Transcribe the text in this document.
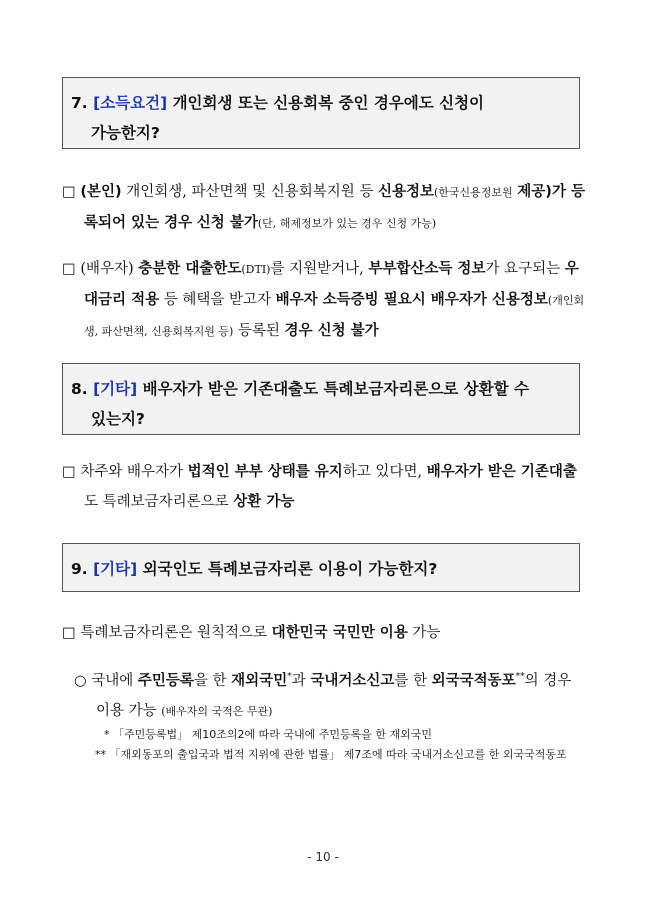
7. [소득요건] 개인회생 또는 신용회복 중인 경우에도 신청이
가능한지?
□ (본인) 개인회생, 파산면책 및 신용회복지원 등 신용정보(한국신용정보원 제공)가 등록되어 있는 경우 신청 불가(단, 해제정보가 있는 경우 신청 가능)
□ (배우자) 충분한 대출한도(DTI)를 지원받거나, 부부합산소득 정보가 요구되는 우대금리 적용 등 혜택을 받고자 배우자 소득증빙 필요시 배우자가 신용정보(개인회생, 파산면책, 신용회복지원 등) 등록된 경우 신청 불가
8. [기타] 배우자가 받은 기존대출도 특례보금자리론으로 상환할 수
있는지?
□ 차주와 배우자가 법적인 부부 상태를 유지하고 있다면, 배우자가 받은 기존대출도 특례보금자리론으로 상환 가능
9. [기타] 외국인도 특례보금자리론 이용이 가능한지?
□ 특례보금자리론은 원칙적으로 대한민국 국민만 이용 가능
○ 국내에 주민등록을 한 재외국민*과 국내거소신고를 한 외국국적동포**의 경우 이용 가능 (배우자의 국적은 무관)
* 「주민등록법」 제10조의2에 따라 국내에 주민등록을 한 재외국민
** 「재외동포의 출입국과 법적 지위에 관한 법률」 제7조에 따라 국내거소신고를 한 외국국적동포
- 10 -
